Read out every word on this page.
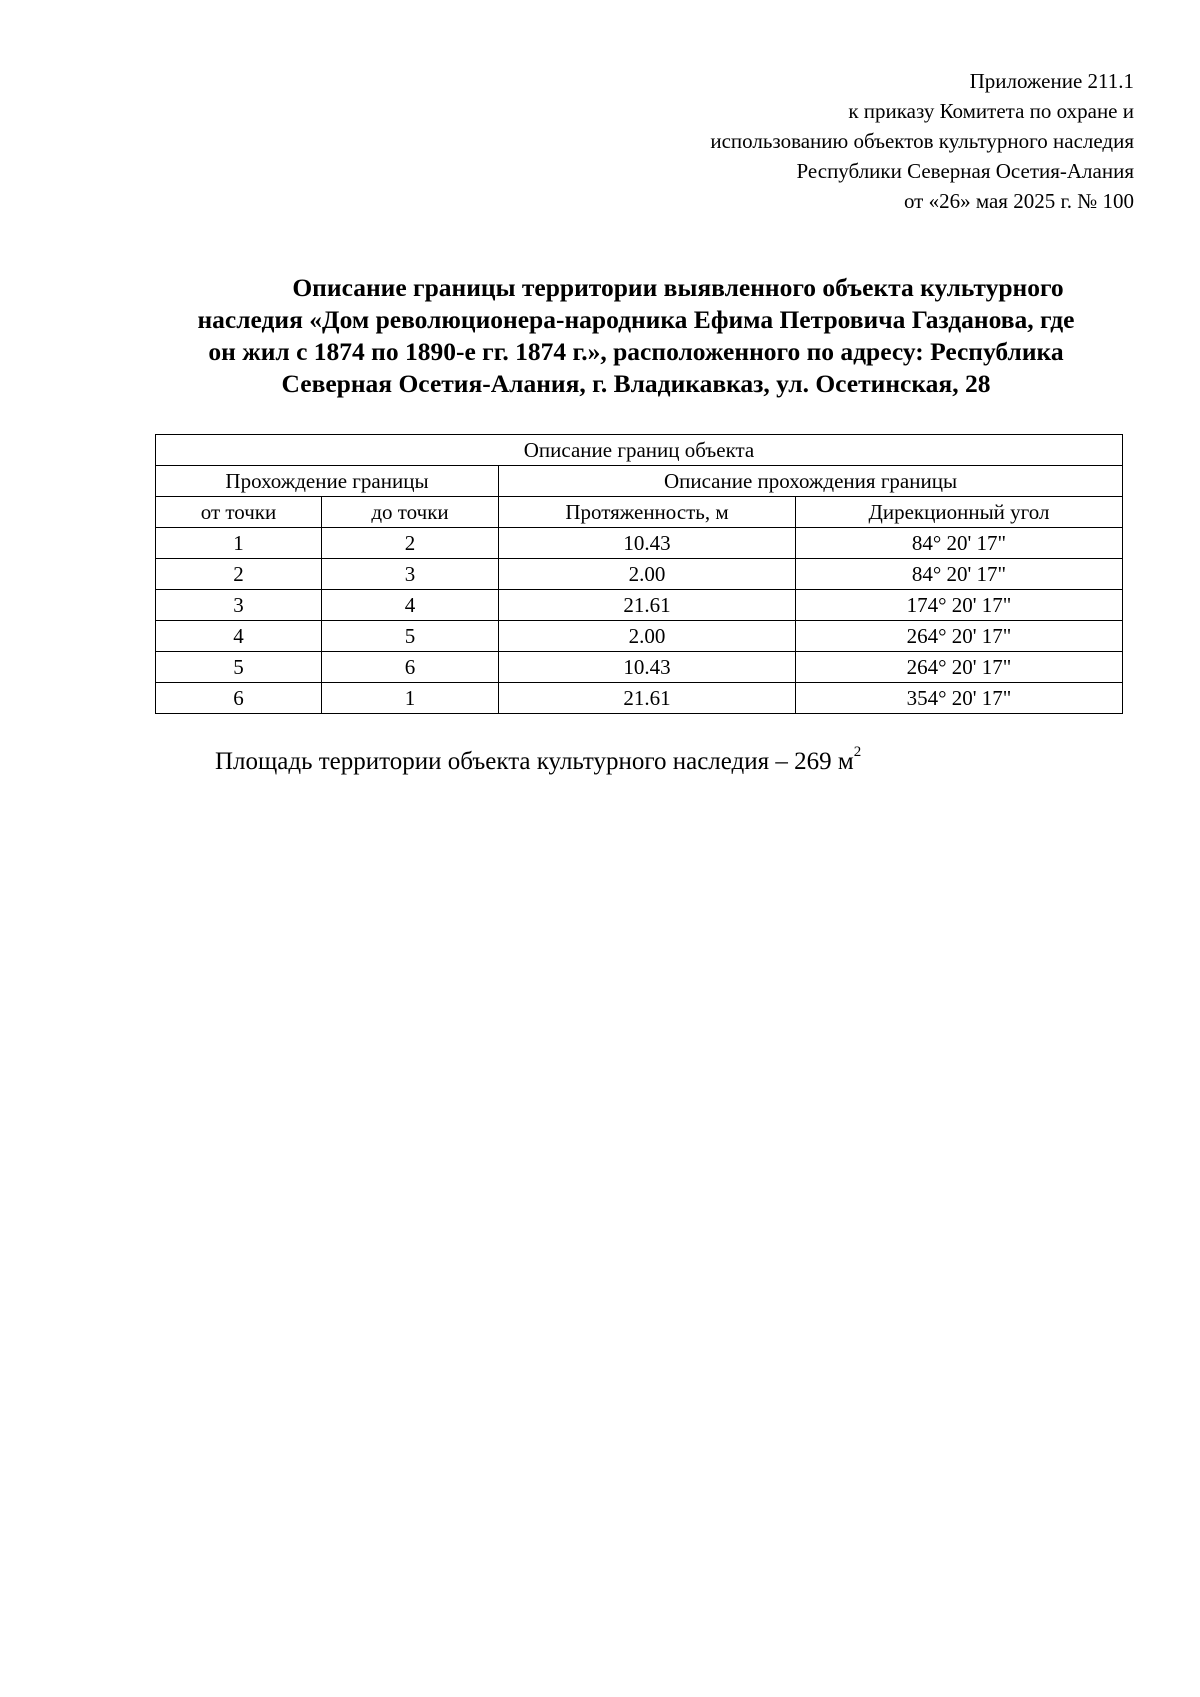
Приложение 211.1
к приказу Комитета по охране и
использованию объектов культурного наследия
Республики Северная Осетия-Алания
от «26» мая 2025 г. № 100
Описание границы территории выявленного объекта культурного
наследия «Дом революционера-народника Ефима Петровича Газданова, где
он жил с 1874 по 1890-е гг. 1874 г.», расположенного по адресу: Республика
Северная Осетия-Алания, г. Владикавказ, ул. Осетинская, 28
Описание границ объекта			
Прохождение границы		Описание прохождения границы	
от точки	до точки	Протяженность, м	Дирекционный угол
1	2	10.43	84° 20' 17"
2	3	2.00	84° 20' 17"
3	4	21.61	174° 20' 17"
4	5	2.00	264° 20' 17"
5	6	10.43	264° 20' 17"
6	1	21.61	354° 20' 17"
Площадь территории объекта культурного наследия – 269 $м^2$
